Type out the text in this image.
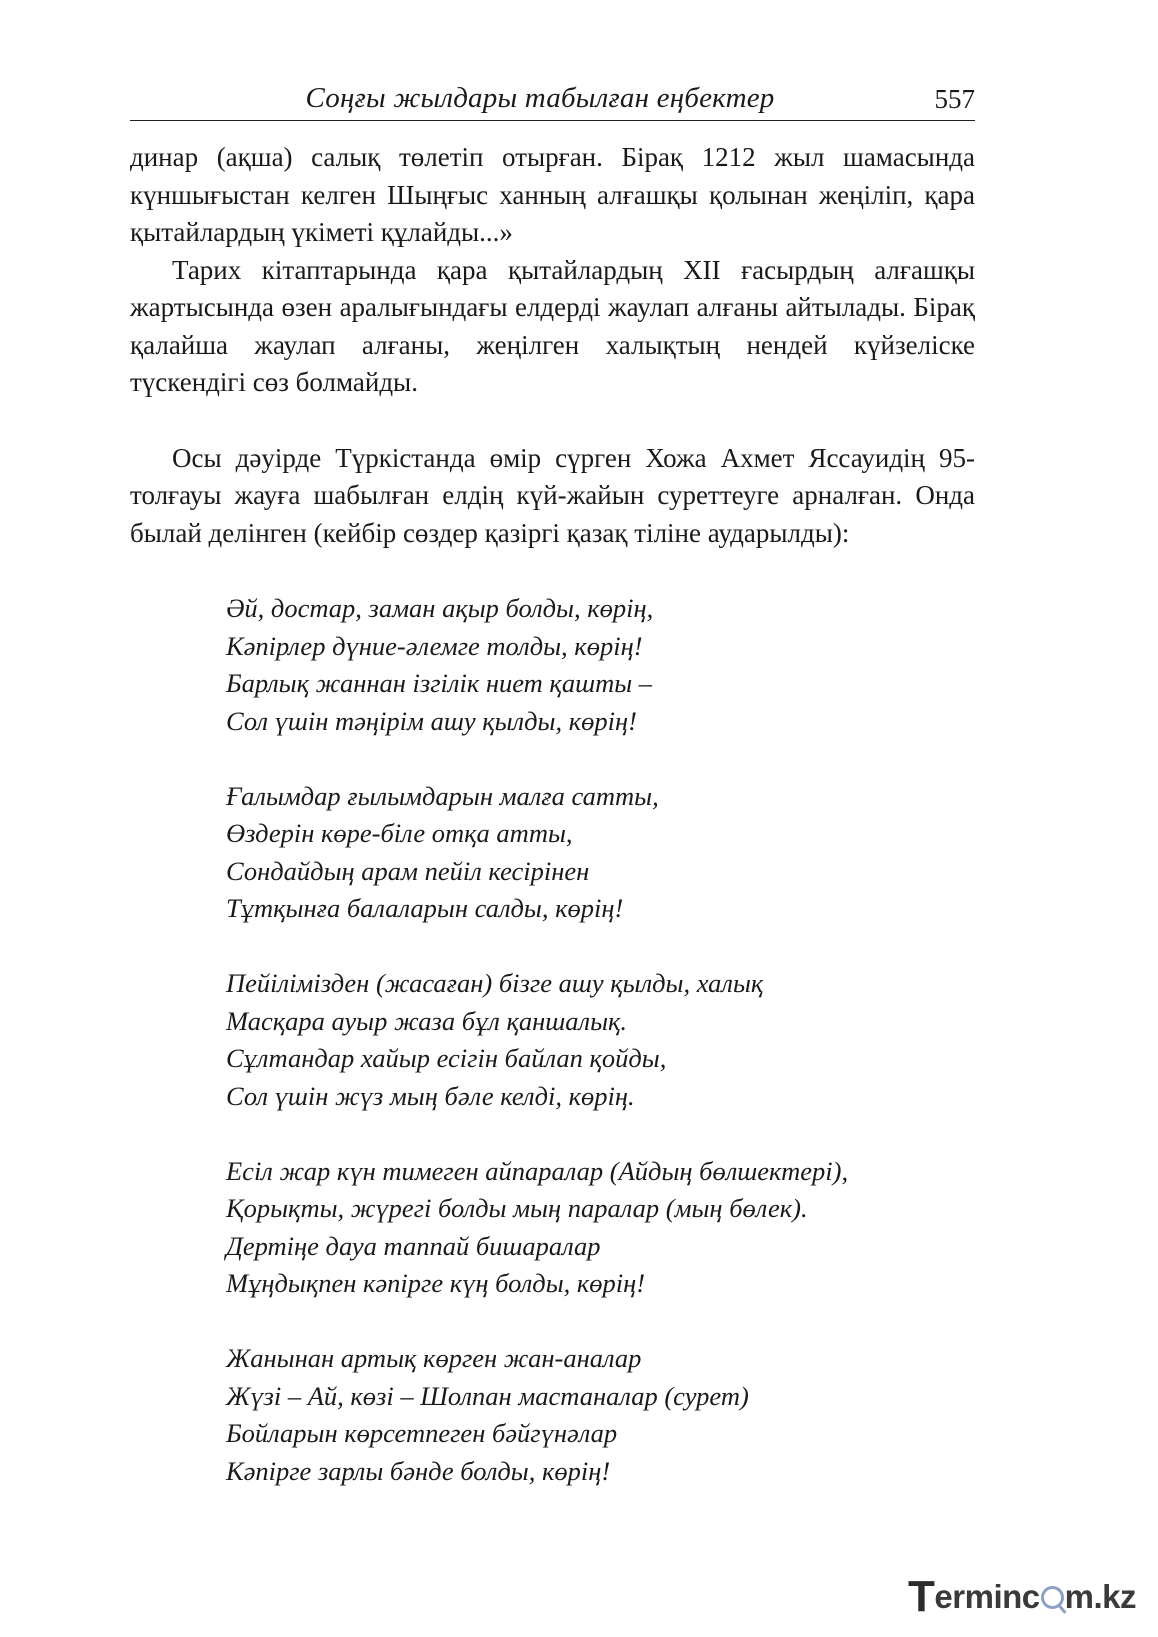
Соңғы жылдары табылған еңбектер	557

динар (ақша) салық төлетіп отырған. Бірақ 1212 жыл шамасында күншығыстан келген Шыңғыс ханның алғашқы қолынан жеңіліп, қара қытайлардың үкіметі құлайды...»

Тарих кітаптарында қара қытайлардың XII ғасырдың алғашқы жартысында өзен аралығындағы елдерді жаулап алғаны айтылады. Бірақ қалайша жаулап алғаны, жеңілген халықтың нендей күйзеліске түскендігі сөз болмайды.

Осы дәуірде Түркістанда өмір сүрген Хожа Ахмет Яссауидің 95-толғауы жауға шабылған елдің күй-жайын суреттеуге арналған. Онда былай делінген (кейбір сөздер қазіргі қазақ тіліне аударылды):

Әй, достар, заман ақыр болды, көрің,
Кәпірлер дүние-әлемге толды, көрің!
Барлық жаннан ізгілік ниет қашты –
Сол үшін тәңірім ашу қылды, көрің!
Ғалымдар ғылымдарын малға сатты,
Өздерін көре-біле отқа атты,
Сондайдың арам пейіл кесірінен
Тұтқынға балаларын салды, көрің!
Пейілімізден (жасаған) бізге ашу қылды, халық
Масқара ауыр жаза бұл қаншалық.
Сұлтандар хайыр есігін байлап қойды,
Сол үшін жүз мың бәле келді, көрің.
Есіл жар күн тимеген айпаралар (Айдың бөлшектері),
Қорықты, жүрегі болды мың паралар (мың бөлек).
Дертіңе дауа таппай бишаралар
Мұңдықпен кәпірге күң болды, көрің!
Жанынан артық көрген жан-аналар
Жүзі – Ай, көзі – Шолпан мастаналар (сурет)
Бойларын көрсетпеген бәйгүнәлар
Кәпірге зарлы бәнде болды, көрің!
Terminc m.kz
